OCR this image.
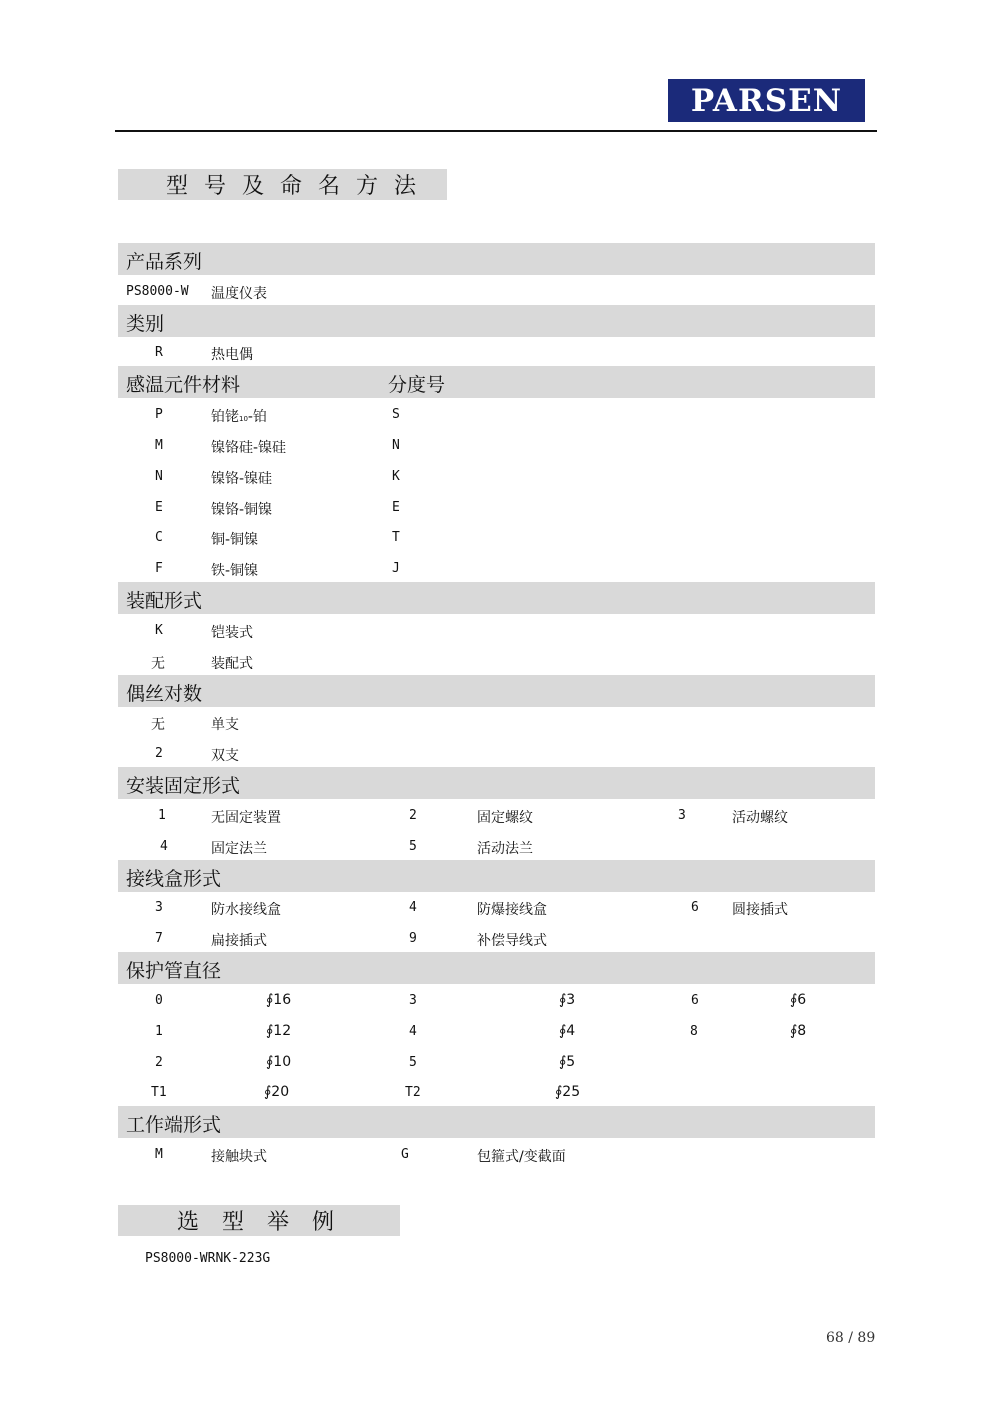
PARSEN
型号及命名方法
产品系列
PS8000-W 温度仪表
类别
R	热电偶
感温元件材料	分度号
P	铂铑10-铂	S
M	镍铬硅-镍硅	N
N	镍铬-镍硅	K
E	镍铬-铜镍	E
C	铜-铜镍	T
F	铁-铜镍	J
装配形式
K	铠装式
无	装配式
偶丝对数
无	单支
2	双支
安装固定形式
1	无固定装置	2	固定螺纹	3	活动螺纹
4	固定法兰	5	活动法兰
接线盒形式
3	防水接线盒	4	防爆接线盒	6 圆接插式
7	扁接插式	9	补偿导线式
保护管直径
0	∮16	3	∮3	6	∮6
1	∮12	4	∮4	8	∮8
2	∮10	5	∮5
T1	∮20	T2	∮25
工作端形式
M	接触块式	G	包箍式/变截面
选型举例
PS8000-WRNK-223G
68 / 89
